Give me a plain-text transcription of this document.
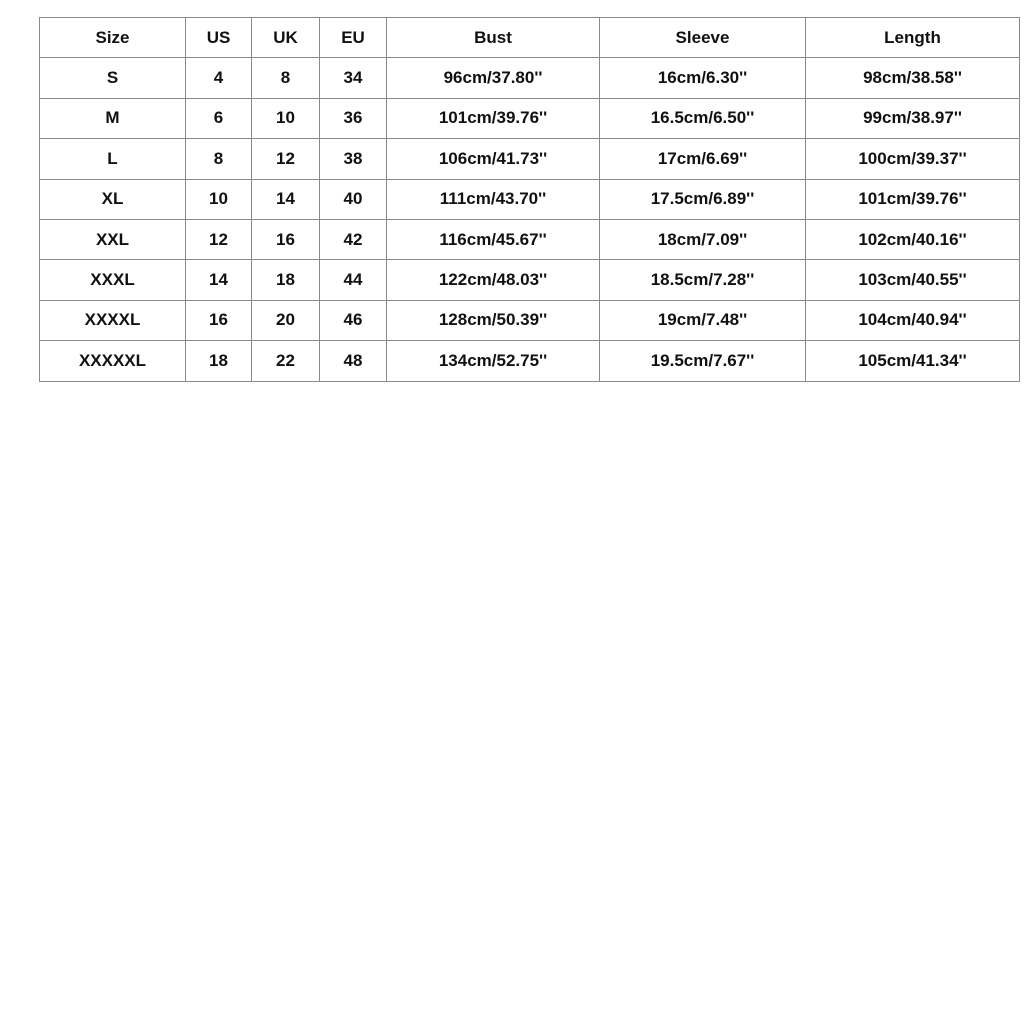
Size	US	UK	EU	Bust	Sleeve	Length
S	4	8	34	96cm/37.80''	16cm/6.30''	98cm/38.58''
M	6	10	36	101cm/39.76''	16.5cm/6.50''	99cm/38.97''
L	8	12	38	106cm/41.73''	17cm/6.69''	100cm/39.37''
XL	10	14	40	111cm/43.70''	17.5cm/6.89''	101cm/39.76''
XXL	12	16	42	116cm/45.67''	18cm/7.09''	102cm/40.16''
XXXL	14	18	44	122cm/48.03''	18.5cm/7.28''	103cm/40.55''
XXXXL	16	20	46	128cm/50.39''	19cm/7.48''	104cm/40.94''
XXXXXL	18	22	48	134cm/52.75''	19.5cm/7.67''	105cm/41.34''
